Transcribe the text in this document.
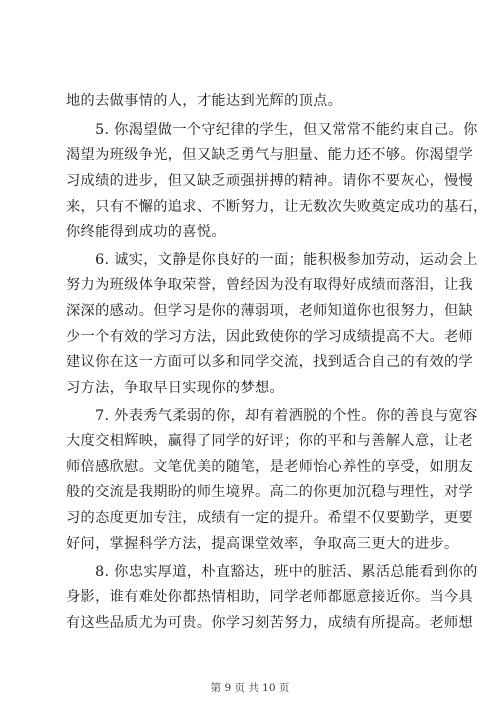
地的去做事情的人，才能达到光辉的顶点。
　　5. 你渴望做一个守纪律的学生，但又常常不能约束自己。你
渴望为班级争光，但又缺乏勇气与胆量、能力还不够。你渴望学
习成绩的进步，但又缺乏顽强拼搏的精神。请你不要灰心，慢慢
来，只有不懈的追求、不断努力，让无数次失败奠定成功的基石，
你终能得到成功的喜悦。
　　6. 诚实，文静是你良好的一面；能积极参加劳动，运动会上
努力为班级体争取荣誉，曾经因为没有取得好成绩而落泪，让我
深深的感动。但学习是你的薄弱项，老师知道你也很努力，但缺
少一个有效的学习方法，因此致使你的学习成绩提高不大。老师
建议你在这一方面可以多和同学交流，找到适合自己的有效的学
习方法，争取早日实现你的梦想。
　　7. 外表秀气柔弱的你，却有着洒脱的个性。你的善良与宽容
大度交相辉映，赢得了同学的好评；你的平和与善解人意，让老
师倍感欣慰。文笔优美的随笔，是老师怡心养性的享受，如朋友
般的交流是我期盼的师生境界。高二的你更加沉稳与理性，对学
习的态度更加专注，成绩有一定的提升。希望不仅要勤学，更要
好问，掌握科学方法，提高课堂效率，争取高三更大的进步。
　　8. 你忠实厚道，朴直豁达，班中的脏活、累活总能看到你的
身影，谁有难处你都热情相助，同学老师都愿意接近你。当今具
有这些品质尤为可贵。你学习刻苦努力，成绩有所提高。老师想
第 9 页 共 10 页
